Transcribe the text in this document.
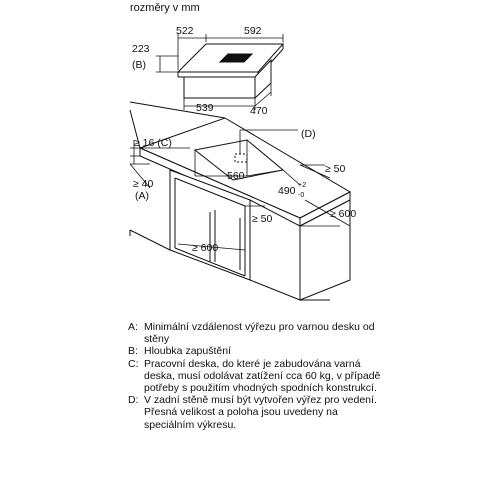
rozměry v mm
522	592
223
(B)
539	470
≥ 16 (C)
(D)
≥ 40
(A)
560
≥ 50
490 +2
-0
≥ 50	≥ 600
≥ 600
A: Minimální vzdálenost výřezu pro varnou desku od stěny
B: Hloubka zapuštění
C: Pracovní deska, do které je zabudována varná deska, musí odolávat zatížení cca 60 kg, v případě potřeby s použitím vhodných spodních konstrukcí.
D: V zadní stěně musí být vytvořen výřez pro vedení. Přesná velikost a poloha jsou uvedeny na speciálním výkresu.
